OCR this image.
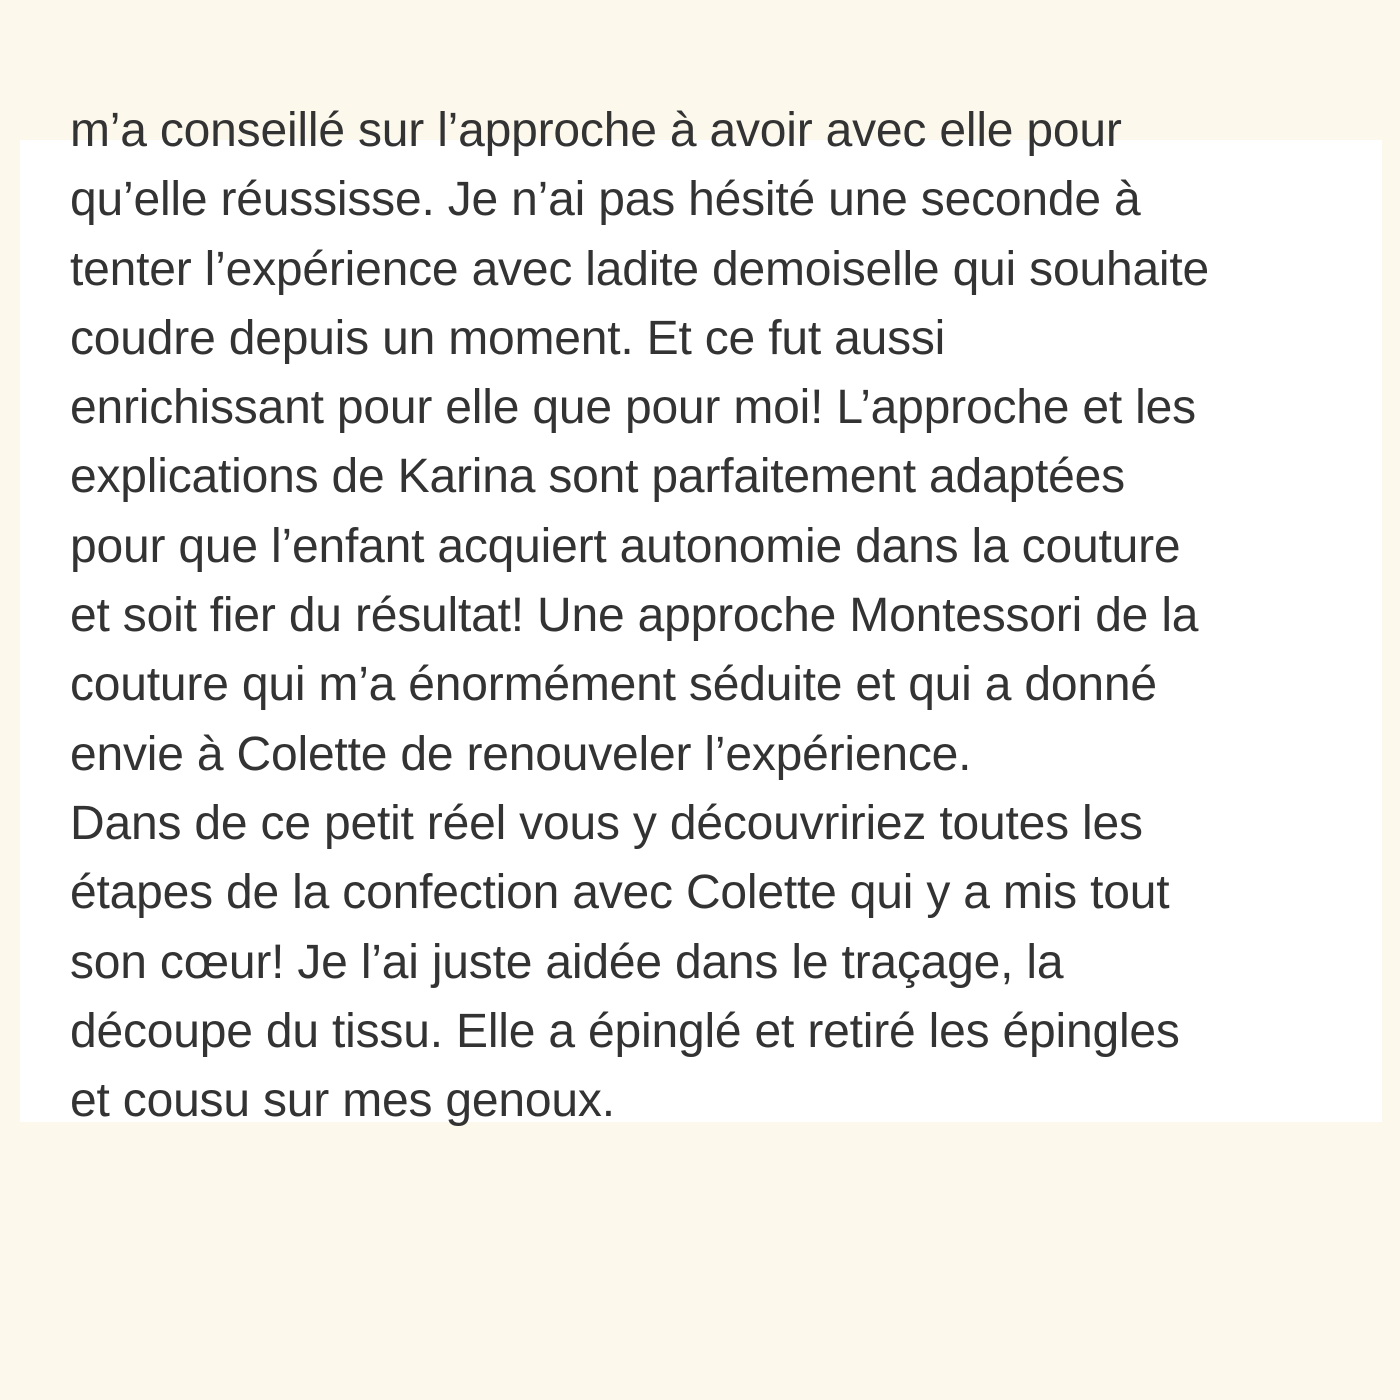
m’a conseillé sur l’approche à avoir avec elle pour
qu’elle réussisse. Je n’ai pas hésité une seconde à
tenter l’expérience avec ladite demoiselle qui souhaite
coudre depuis un moment. Et ce fut aussi
enrichissant pour elle que pour moi! L’approche et les
explications de Karina sont parfaitement adaptées
pour que l’enfant acquiert autonomie dans la couture
et soit fier du résultat! Une approche Montessori de la
couture qui m’a énormément séduite et qui a donné
envie à Colette de renouveler l’expérience.
Dans de ce petit réel vous y découvririez toutes les
étapes de la confection avec Colette qui y a mis tout
son cœur! Je l’ai juste aidée dans le traçage, la
découpe du tissu. Elle a épinglé et retiré les épingles
et cousu sur mes genoux.
